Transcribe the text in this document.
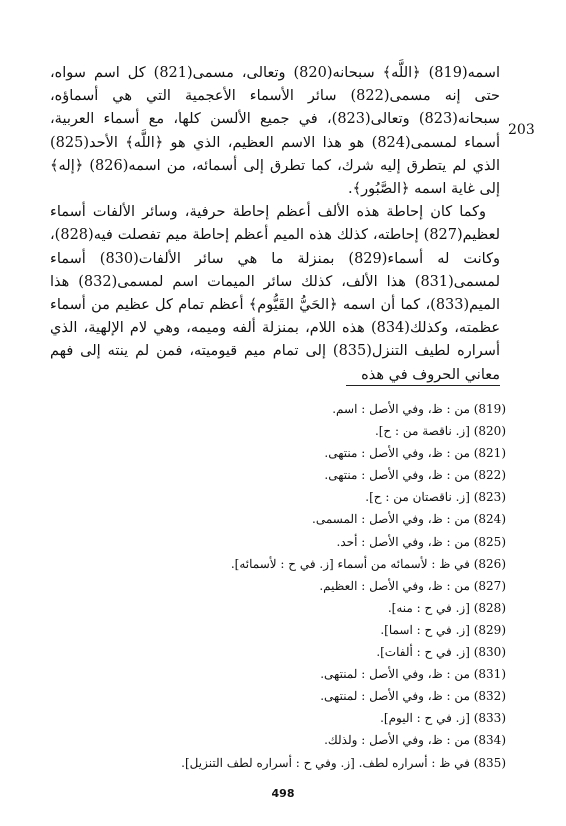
اسمه(819) ﴿اللَّه﴾ سبحانه(820) وتعالى، مسمى(821) كل اسم سواه، حتى إنه مسمى(822) سائر الأسماء الأعجمية التي هي أسماؤه، سبحانه(823) وتعالى(823)، في جميع الألسن كلها، مع أسماء العربية، أسماء لمسمى(824) هو هذا الاسم العظيم، الذي هو ﴿اللَّه﴾ الأحد(825) الذي لم يتطرق إليه شرك، كما تطرق إلى أسمائه، من اسمه(826) ﴿إله﴾ إلى غاية اسمه ﴿الصَّبُور﴾.

وكما كان إحاطة هذه الألف أعظم إحاطة حرفية، وسائر الألفات أسماء لعظيم(827) إحاطته، كذلك هذه الميم أعظم إحاطة ميم تفصلت فيه(828)، وكانت له أسماء(829) بمنزلة ما هي سائر الألفات(830) أسماء لمسمى(831) هذا الألف، كذلك سائر الميمات اسم لمسمى(832) هذا الميم(833)، كما أن اسمه ﴿الحَيُّ القَيُّوم﴾ أعظم تمام كل عظيم من أسماء عظمته، وكذلك(834) هذه اللام، بمنزلة ألفه وميمه، وهي لام الإلهية، الذي أسراره لطيف التنزل(835) إلى تمام ميم قيوميته، فمن لم ينته إلى فهم معاني الحروف في هذه

203
(819) من : ظ، وفي الأصل : اسم.
(820) [ز. ناقصة من : ح].
(821) من : ظ، وفي الأصل : منتهى.
(822) من : ظ، وفي الأصل : منتهى.
(823) [ز. ناقصتان من : ح].
(824) من : ظ، وفي الأصل : المسمى.
(825) من : ظ، وفي الأصل : أحد.
(826) في ظ : لأسمائه من أسماء [ز. في ح : لأسمائه].
(827) من : ظ، وفي الأصل : العظيم.
(828) [ز. في ح : منه].
(829) [ز. في ح : اسما].
(830) [ز. في ح : ألفات].
(831) من : ظ، وفي الأصل : لمنتهى.
(832) من : ظ، وفي الأصل : لمنتهى.
(833) [ز. في ح : اليوم].
(834) من : ظ، وفي الأصل : ولذلك.
(835) في ظ : أسراره لطف. [ز. وفي ح : أسراره لطف التنزيل].
498
